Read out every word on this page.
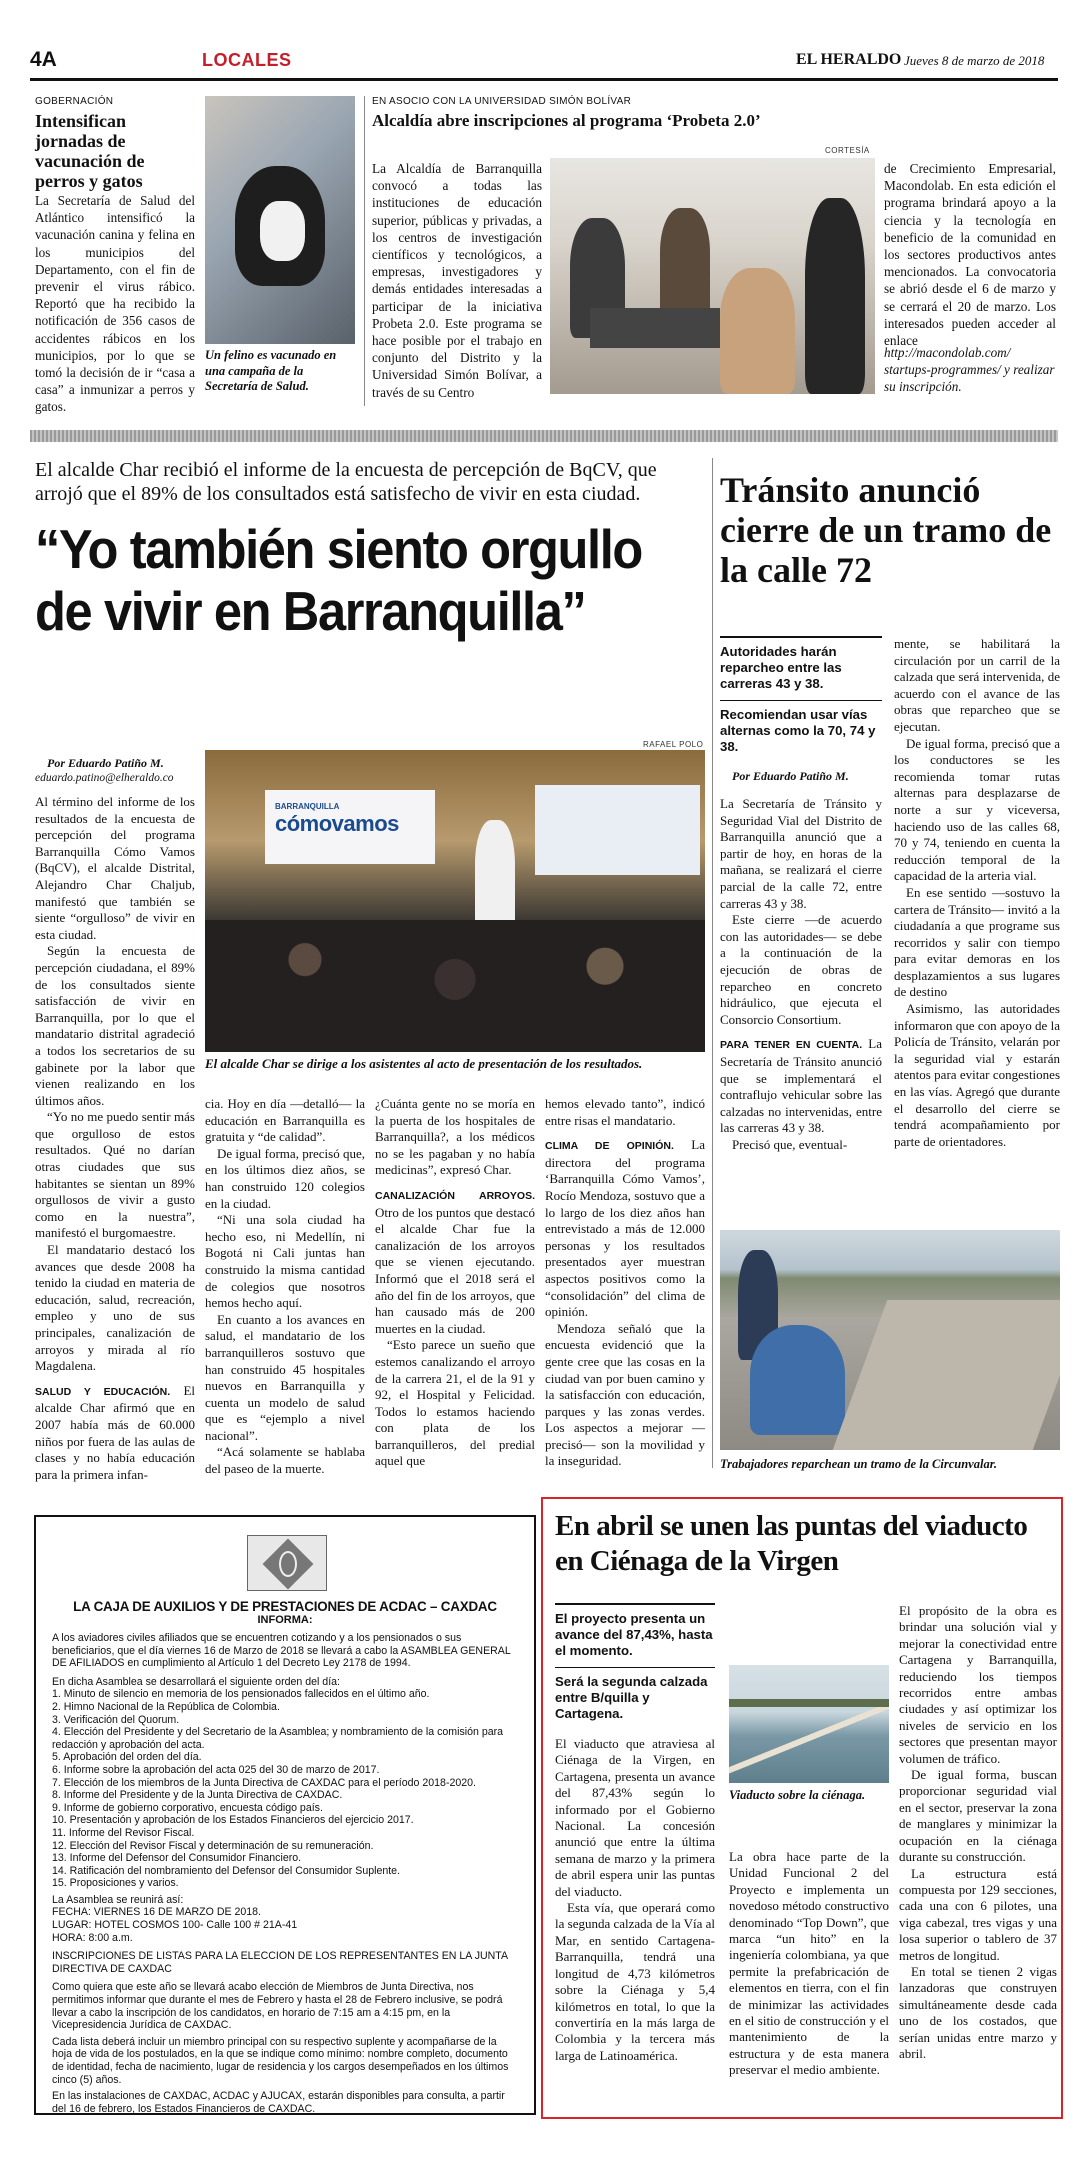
4A	LOCALES	EL HERALDO Jueves 8 de marzo de 2018
GOBERNACIÓN
Intensifican jornadas de vacunación de perros y gatos

La Secretaría de Salud del Atlántico intensificó la vacunación canina y felina en los municipios del Departamento, con el fin de prevenir el virus rábico. Reportó que ha recibido la notificación de 356 casos de accidentes rábicos en los municipios, por lo que se tomó la decisión de ir “casa a casa” a inmunizar a perros y gatos.

Un felino es vacunado en una campaña de la Secretaría de Salud.
EN ASOCIO CON LA UNIVERSIDAD SIMÓN BOLÍVAR
Alcaldía abre inscripciones al programa ‘Probeta 2.0’

La Alcaldía de Barranquilla convocó a todas las instituciones de educación superior, públicas y privadas, a los centros de investigación científicos y tecnológicos, a empresas, investigadores y demás entidades interesadas a participar de la iniciativa Probeta 2.0. Este programa se hace posible por el trabajo en conjunto del Distrito y la Universidad Simón Bolívar, a través de su Centro

CORTESÍA

de Crecimiento Empresarial, Macondolab. En esta edición el programa brindará apoyo a la ciencia y la tecnología en beneficio de la comunidad en los sectores productivos antes mencionados. La convocatoria se abrió desde el 6 de marzo y se cerrará el 20 de marzo. Los interesados pueden acceder al enlace

http://macondolab.com/ startups-programmes/ y realizar su inscripción.
El alcalde Char recibió el informe de la encuesta de percepción de BqCV, que arrojó que el 89% de los consultados está satisfecho de vivir en esta ciudad.
“Yo también siento orgullo de vivir en Barranquilla”
Por Eduardo Patiño M.
eduardo.patino@elheraldo.co
RAFAEL POLO
BARRANQUILLA
cómovamos
El alcalde Char se dirige a los asistentes al acto de presentación de los resultados.

Al término del informe de los resultados de la encuesta de percepción del programa Barranquilla Cómo Vamos (BqCV), el alcalde Distrital, Alejandro Char Chaljub, manifestó que también se siente “orgulloso” de vivir en esta ciudad.

Según la encuesta de percepción ciudadana, el 89% de los consultados siente satisfacción de vivir en Barranquilla, por lo que el mandatario distrital agradeció a todos los secretarios de su gabinete por la labor que vienen realizando en los últimos años.

“Yo no me puedo sentir más que orgulloso de estos resultados. Qué no darían otras ciudades que sus habitantes se sientan un 89% orgullosos de vivir a gusto como en la nuestra”, manifestó el burgomaestre.

El mandatario destacó los avances que desde 2008 ha tenido la ciudad en materia de educación, salud, recreación, empleo y uno de sus principales, canalización de arroyos y mirada al río Magdalena.

SALUD Y EDUCACIÓN. El alcalde Char afirmó que en 2007 había más de 60.000 niños por fuera de las aulas de clases y no había educación para la primera infan-

cia. Hoy en día —detalló— la educación en Barranquilla es gratuita y “de calidad”.

De igual forma, precisó que, en los últimos diez años, se han construido 120 colegios en la ciudad.

“Ni una sola ciudad ha hecho eso, ni Medellín, ni Bogotá ni Cali juntas han construido la misma cantidad de colegios que nosotros hemos hecho aquí.

En cuanto a los avances en salud, el mandatario de los barranquilleros sostuvo que han construido 45 hospitales nuevos en Barranquilla y cuenta un modelo de salud que es “ejemplo a nivel nacional”.

“Acá solamente se hablaba del paseo de la muerte.

¿Cuánta gente no se moría en la puerta de los hospitales de Barranquilla?, a los médicos no se les pagaban y no había medicinas”, expresó Char.

CANALIZACIÓN ARROYOS. Otro de los puntos que destacó el alcalde Char fue la canalización de los arroyos que se vienen ejecutando. Informó que el 2018 será el año del fin de los arroyos, que han causado más de 200 muertes en la ciudad.

“Esto parece un sueño que estemos canalizando el arroyo de la carrera 21, el de la 91 y 92, el Hospital y Felicidad. Todos lo estamos haciendo con plata de los barranquilleros, del predial aquel que

hemos elevado tanto”, indicó entre risas el mandatario.

CLIMA DE OPINIÓN. La directora del programa ‘Barranquilla Cómo Vamos’, Rocío Mendoza, sostuvo que a lo largo de los diez años han entrevistado a más de 12.000 personas y los resultados presentados ayer muestran aspectos positivos como la “consolidación” del clima de opinión.

Mendoza señaló que la encuesta evidenció que la gente cree que las cosas en la ciudad van por buen camino y la satisfacción con educación, parques y las zonas verdes. Los aspectos a mejorar —precisó— son la movilidad y la inseguridad.

Tránsito anunció cierre de un tramo de la calle 72
Autoridades harán reparcheo entre las carreras 43 y 38.
Recomiendan usar vías alternas como la 70, 74 y 38.
Por Eduardo Patiño M.

La Secretaría de Tránsito y Seguridad Vial del Distrito de Barranquilla anunció que a partir de hoy, en horas de la mañana, se realizará el cierre parcial de la calle 72, entre carreras 43 y 38.

Este cierre —de acuerdo con las autoridades— se debe a la continuación de la ejecución de obras de reparcheo en concreto hidráulico, que ejecuta el Consorcio Consortium.

PARA TENER EN CUENTA. La Secretaría de Tránsito anunció que se implementará el contraflujo vehicular sobre las calzadas no intervenidas, entre las carreras 43 y 38.

Precisó que, eventual-

mente, se habilitará la circulación por un carril de la calzada que será intervenida, de acuerdo con el avance de las obras que reparcheo que se ejecutan.

De igual forma, precisó que a los conductores se les recomienda tomar rutas alternas para desplazarse de norte a sur y viceversa, haciendo uso de las calles 68, 70 y 74, teniendo en cuenta la reducción temporal de la capacidad de la arteria vial.

En ese sentido —sostuvo la cartera de Tránsito— invitó a la ciudadanía a que programe sus recorridos y salir con tiempo para evitar demoras en los desplazamientos a sus lugares de destino

Asimismo, las autoridades informaron que con apoyo de la Policía de Tránsito, velarán por la seguridad vial y estarán atentos para evitar congestiones en las vías. Agregó que durante el desarrollo del cierre se tendrá acompañamiento por parte de orientadores.

Trabajadores reparchean un tramo de la Circunvalar.
LA CAJA DE AUXILIOS Y DE PRESTACIONES DE ACDAC – CAXDAC
INFORMA:
A los aviadores civiles afiliados que se encuentren cotizando y a los pensionados o sus beneficiarios, que el día viernes 16 de Marzo de 2018 se llevará a cabo la ASAMBLEA GENERAL DE AFILIADOS en cumplimiento al Artículo 1 del Decreto Ley 2178 de 1994.
En dicha Asamblea se desarrollará el siguiente orden del día:
1. Minuto de silencio en memoria de los pensionados fallecidos en el último año.
2. Himno Nacional de la República de Colombia.
3. Verificación del Quorum.
4. Elección del Presidente y del Secretario de la Asamblea; y nombramiento de la comisión para redacción y aprobación del acta.
5. Aprobación del orden del día.
6. Informe sobre la aprobación del acta 025 del 30 de marzo de 2017.
7. Elección de los miembros de la Junta Directiva de CAXDAC para el período 2018-2020.
8. Informe del Presidente y de la Junta Directiva de CAXDAC.
9. Informe de gobierno corporativo, encuesta código país.
10. Presentación y aprobación de los Estados Financieros del ejercicio 2017.
11. Informe del Revisor Fiscal.
12. Elección del Revisor Fiscal y determinación de su remuneración.
13. Informe del Defensor del Consumidor Financiero.
14. Ratificación del nombramiento del Defensor del Consumidor Suplente.
15. Proposiciones y varios.
La Asamblea se reunirá así:
FECHA: VIERNES 16 DE MARZO DE 2018.
LUGAR: HOTEL COSMOS 100- Calle 100 # 21A-41
HORA: 8:00 a.m.
INSCRIPCIONES DE LISTAS PARA LA ELECCION DE LOS REPRESENTANTES EN LA JUNTA DIRECTIVA DE CAXDAC
Como quiera que este año se llevará acabo elección de Miembros de Junta Directiva, nos permitimos informar que durante el mes de Febrero y hasta el 28 de Febrero inclusive, se podrá llevar a cabo la inscripción de los candidatos, en horario de 7:15 am a 4:15 pm, en la Vicepresidencia Jurídica de CAXDAC.
Cada lista deberá incluir un miembro principal con su respectivo suplente y acompañarse de la hoja de vida de los postulados, en la que se indique como mínimo: nombre completo, documento de identidad, fecha de nacimiento, lugar de residencia y los cargos desempeñados en los últimos cinco (5) años.
En las instalaciones de CAXDAC, ACDAC y AJUCAX, estarán disponibles para consulta, a partir del 16 de febrero, los Estados Financieros de CAXDAC.
En abril se unen las puntas del viaducto en Ciénaga de la Virgen
El proyecto presenta un avance del 87,43%, hasta el momento.
Será la segunda calzada entre B/quilla y Cartagena.

El viaducto que atraviesa al Ciénaga de la Virgen, en Cartagena, presenta un avance del 87,43% según lo informado por el Gobierno Nacional. La concesión anunció que entre la última semana de marzo y la primera de abril espera unir las puntas del viaducto.

Esta vía, que operará como la segunda calzada de la Vía al Mar, en sentido Cartagena-Barranquilla, tendrá una longitud de 4,73 kilómetros sobre la Ciénaga y 5,4 kilómetros en total, lo que la convertiría en la más larga de Colombia y la tercera más larga de Latinoamérica.

Viaducto sobre la ciénaga.

La obra hace parte de la Unidad Funcional 2 del Proyecto e implementa un novedoso método constructivo denominado “Top Down”, que marca “un hito” en la ingeniería colombiana, ya que permite la prefabricación de elementos en tierra, con el fin de minimizar las actividades en el sitio de construcción y el mantenimiento de la estructura y de esta manera preservar el medio ambiente.

El propósito de la obra es brindar una solución vial y mejorar la conectividad entre Cartagena y Barranquilla, reduciendo los tiempos recorridos entre ambas ciudades y así optimizar los niveles de servicio en los sectores que presentan mayor volumen de tráfico.

De igual forma, buscan proporcionar seguridad vial en el sector, preservar la zona de manglares y minimizar la ocupación en la ciénaga durante su construcción.

La estructura está compuesta por 129 secciones, cada una con 6 pilotes, una viga cabezal, tres vigas y una losa superior o tablero de 37 metros de longitud.

En total se tienen 2 vigas lanzadoras que construyen simultáneamente desde cada uno de los costados, que serían unidas entre marzo y abril.
